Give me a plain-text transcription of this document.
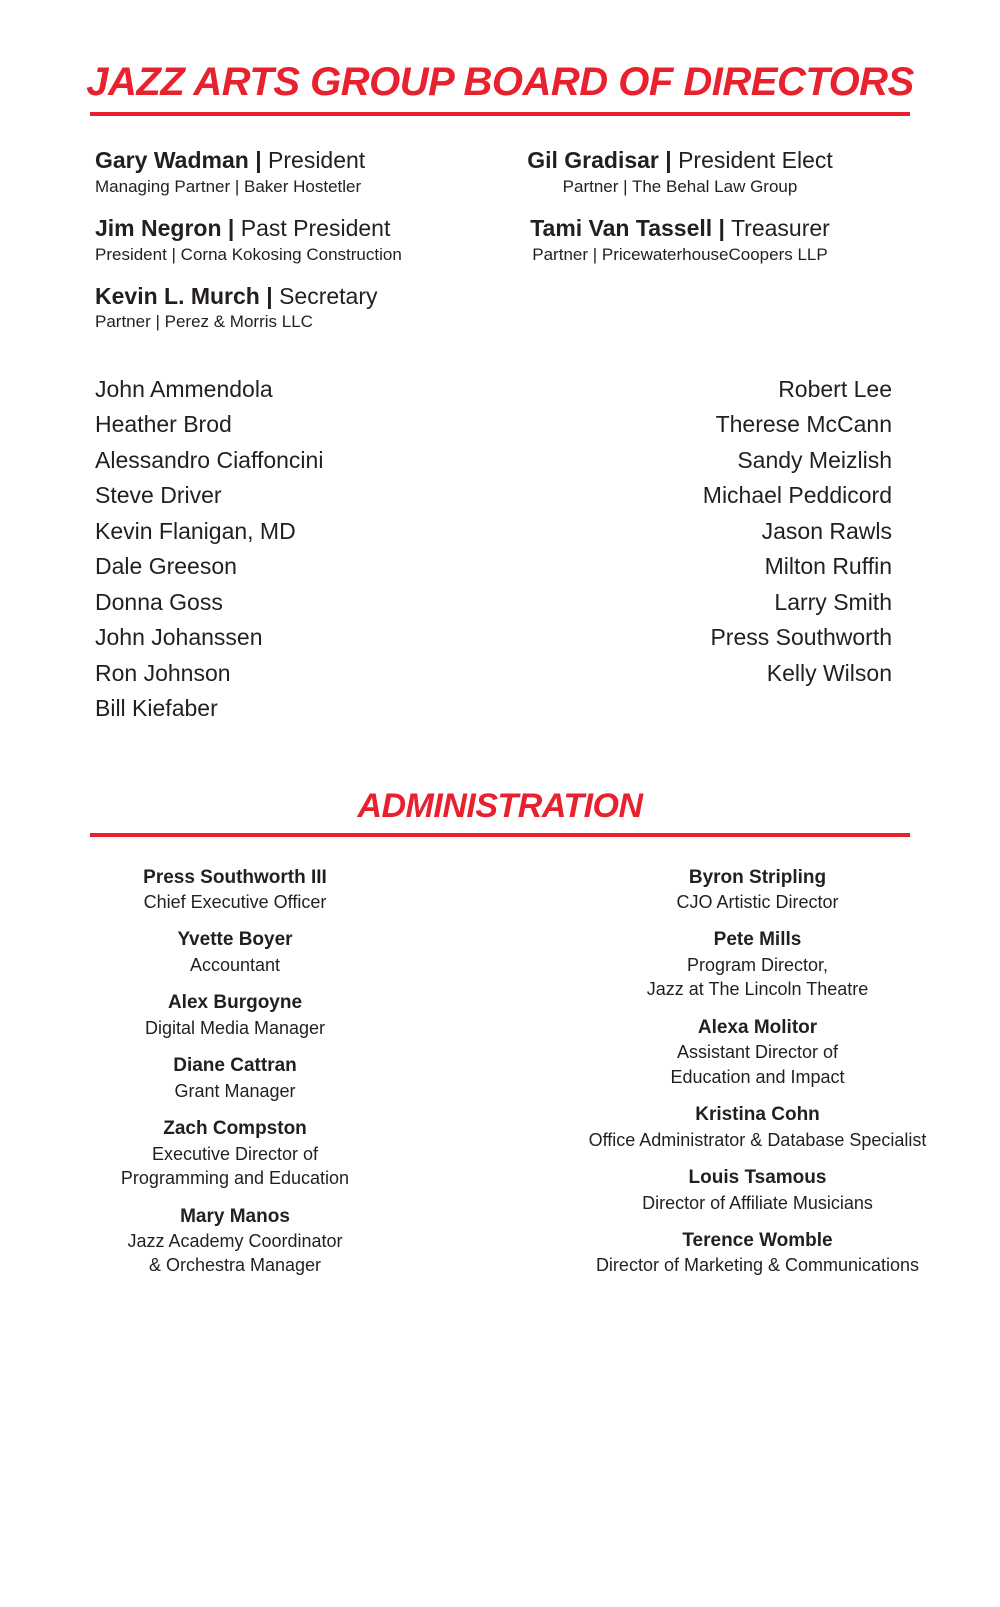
JAZZ ARTS GROUP BOARD OF DIRECTORS
Gary Wadman | President
Managing Partner | Baker Hostetler
Gil Gradisar | President Elect
Partner | The Behal Law Group
Jim Negron | Past President
President | Corna Kokosing Construction
Tami Van Tassell | Treasurer
Partner | PricewaterhouseCoopers LLP
Kevin L. Murch | Secretary
Partner | Perez & Morris LLC
John Ammendola
Heather Brod
Alessandro Ciaffoncini
Steve Driver
Kevin Flanigan, MD
Dale Greeson
Donna Goss
John Johanssen
Ron Johnson
Bill Kiefaber
Robert Lee
Therese McCann
Sandy Meizlish
Michael Peddicord
Jason Rawls
Milton Ruffin
Larry Smith
Press Southworth
Kelly Wilson
ADMINISTRATION
Press Southworth III
Chief Executive Officer
Yvette Boyer
Accountant
Alex Burgoyne
Digital Media Manager
Diane Cattran
Grant Manager
Zach Compston
Executive Director of
Programming and Education
Mary Manos
Jazz Academy Coordinator
& Orchestra Manager
Byron Stripling
CJO Artistic Director
Pete Mills
Program Director,
Jazz at The Lincoln Theatre
Alexa Molitor
Assistant Director of
Education and Impact
Kristina Cohn
Office Administrator & Database Specialist
Louis Tsamous
Director of Affiliate Musicians
Terence Womble
Director of Marketing & Communications
